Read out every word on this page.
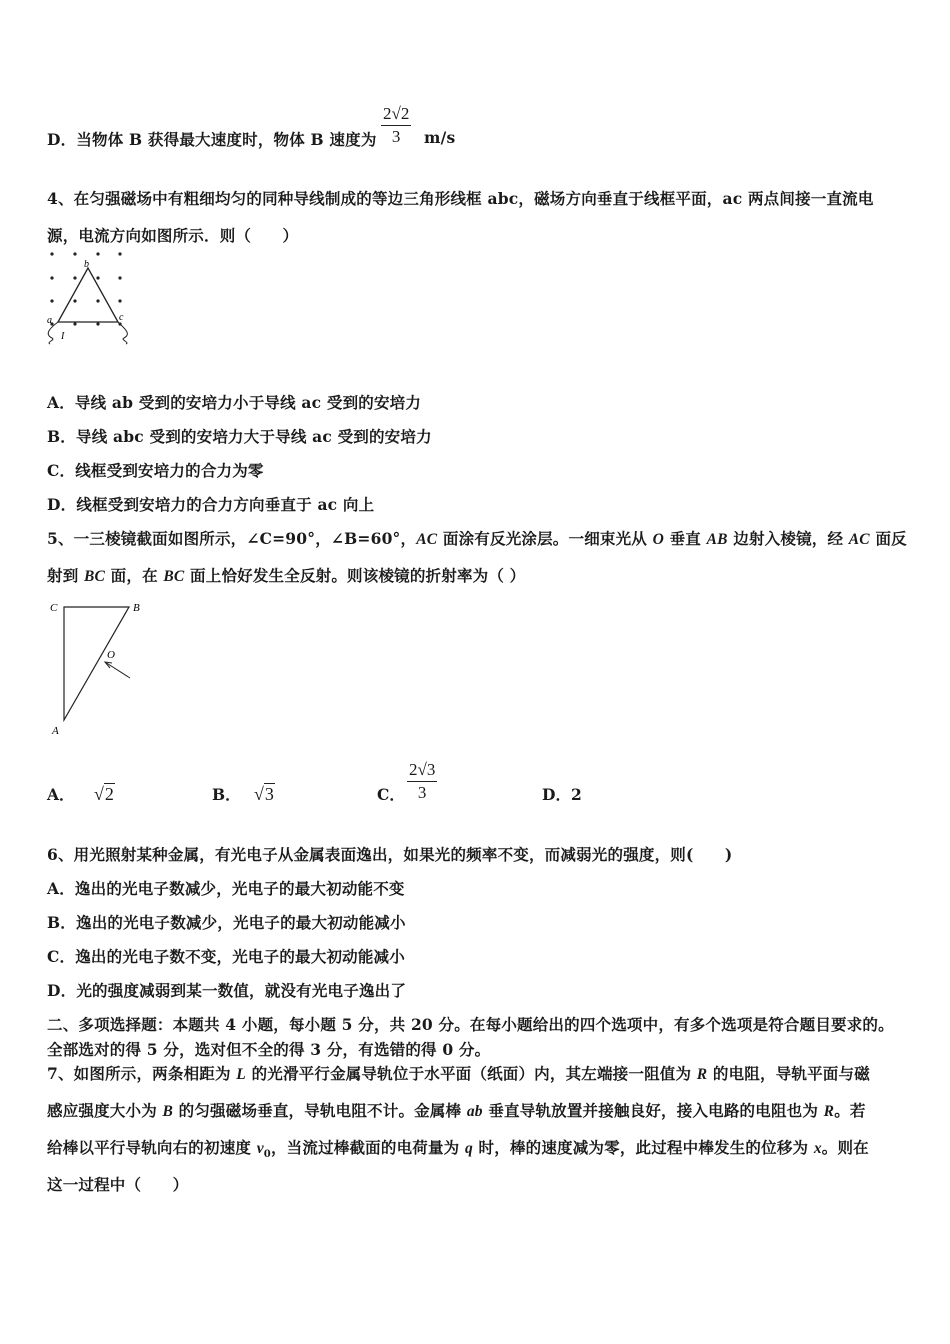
D．当物体 B 获得最大速度时，物体 B 速度为
2√2
3	m/s
4、在匀强磁场中有粗细均匀的同种导线制成的等边三角形线框 abc，磁场方向垂直于线框平面，ac 两点间接一直流电
源，电流方向如图所示．则（　　）
b
a	c
I
A．导线 ab 受到的安培力小于导线 ac 受到的安培力
B．导线 abc 受到的安培力大于导线 ac 受到的安培力
C．线框受到安培力的合力为零
D．线框受到安培力的合力方向垂直于 ac 向上
5、一三棱镜截面如图所示，∠C=90°，∠B=60°，AC 面涂有反光涂层。一细束光从 O 垂直 AB 边射入棱镜，经 AC 面反
射到 BC 面，在 BC 面上恰好发生全反射。则该棱镜的折射率为（ ）
C	B
O
A
A． √2	B． √3	C．
2√3
3	D．2
6、用光照射某种金属，有光电子从金属表面逸出，如果光的频率不变，而减弱光的强度，则(　　)
A．逸出的光电子数减少，光电子的最大初动能不变
B．逸出的光电子数减少，光电子的最大初动能减小
C．逸出的光电子数不变，光电子的最大初动能减小
D．光的强度减弱到某一数值，就没有光电子逸出了
二、多项选择题：本题共 4 小题，每小题 5 分，共 20 分。在每小题给出的四个选项中，有多个选项是符合题目要求的。
全部选对的得 5 分，选对但不全的得 3 分，有选错的得 0 分。
7、如图所示，两条相距为 L 的光滑平行金属导轨位于水平面（纸面）内，其左端接一阻值为 R 的电阻，导轨平面与磁
感应强度大小为 B 的匀强磁场垂直，导轨电阻不计。金属棒 ab 垂直导轨放置并接触良好，接入电路的电阻也为 R。若
给棒以平行导轨向右的初速度 $v_0$，当流过棒截面的电荷量为 q 时，棒的速度减为零，此过程中棒发生的位移为 x。则在
这一过程中（　　）
